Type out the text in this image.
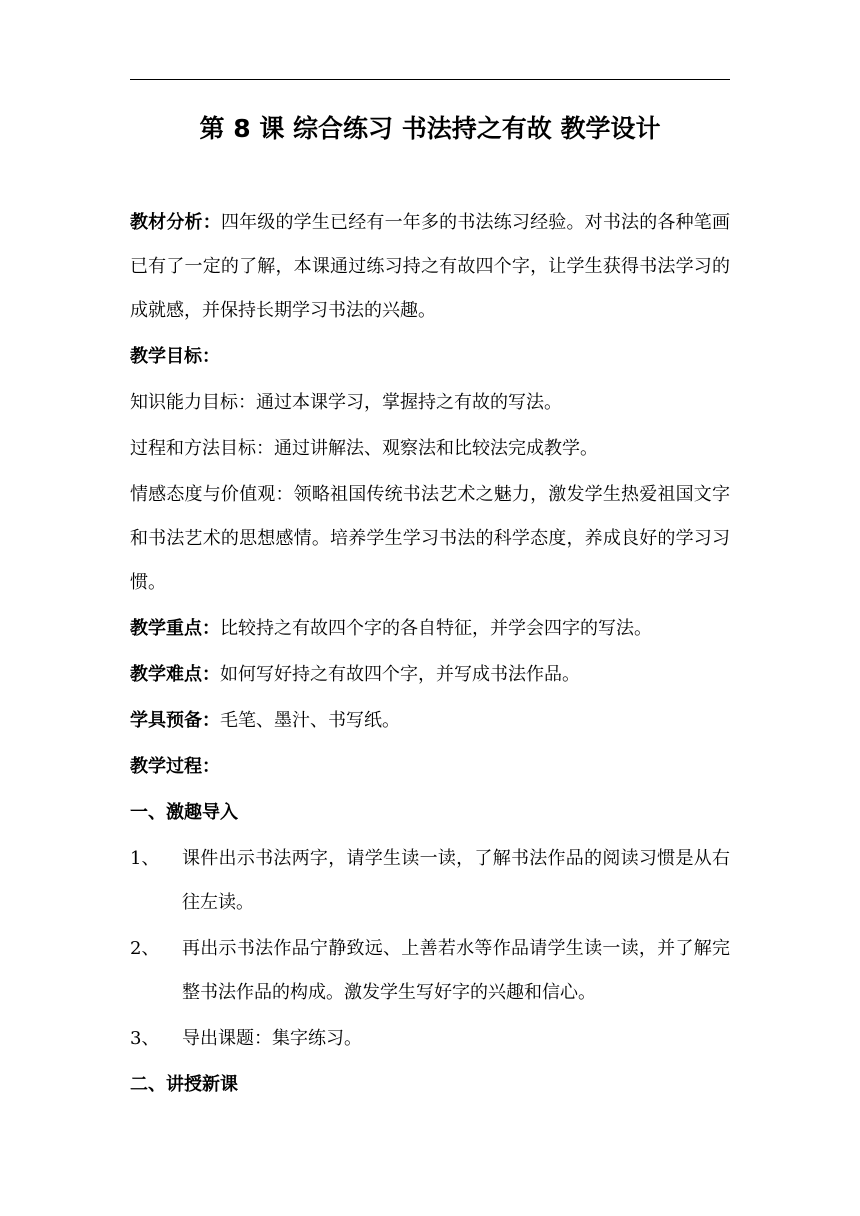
第 8 课 综合练习 书法持之有故 教学设计

教材分析：四年级的学生已经有一年多的书法练习经验。对书法的各种笔画已有了一定的了解，本课通过练习持之有故四个字，让学生获得书法学习的成就感，并保持长期学习书法的兴趣。

教学目标：

知识能力目标：通过本课学习，掌握持之有故的写法。

过程和方法目标：通过讲解法、观察法和比较法完成教学。

情感态度与价值观：领略祖国传统书法艺术之魅力，激发学生热爱祖国文字和书法艺术的思想感情。培养学生学习书法的科学态度，养成良好的学习习惯。

教学重点：比较持之有故四个字的各自特征，并学会四字的写法。

教学难点：如何写好持之有故四个字，并写成书法作品。

学具预备：毛笔、墨汁、书写纸。

教学过程：
一、激趣导入
1、 课件出示书法两字，请学生读一读，了解书法作品的阅读习惯是从右往左读。
2、 再出示书法作品宁静致远、上善若水等作品请学生读一读，并了解完整书法作品的构成。激发学生写好字的兴趣和信心。
3、 导出课题：集字练习。
二、讲授新课
